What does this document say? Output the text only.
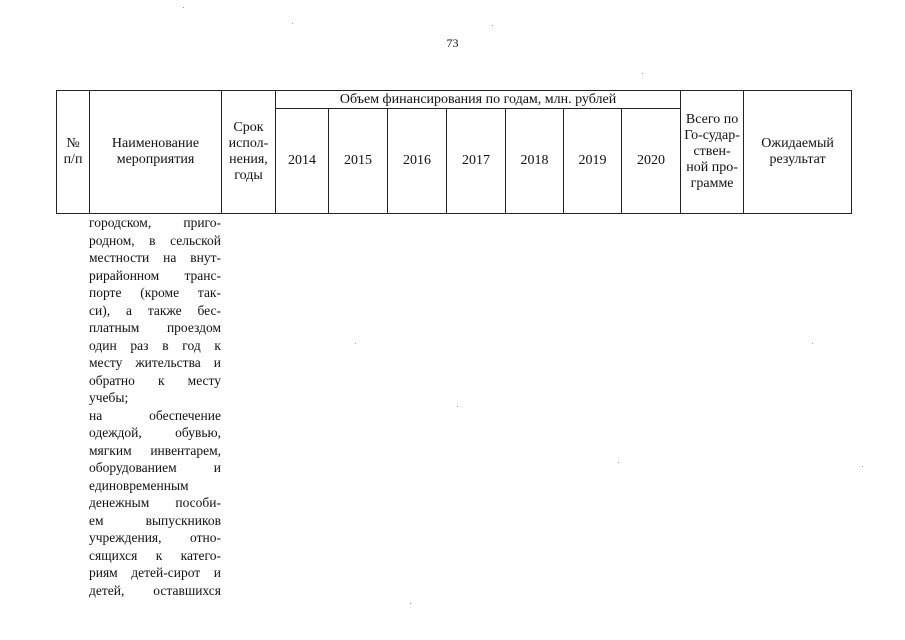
73
№ п/п	Наименование мероприятия	Срок испол-нения, годы	Объем финансирования по годам, млн. рублей							Всего по Го-судар-ствен-ной про-грамме	Ожидаемый результат

			2014	2015	2016	2017	2018	2019	2020		
городском, приго-
родном, в сельской
местности на внут-
рирайонном транс-
порте (кроме так-
си), а также бес-
платным проездом
один раз в год к
месту жительства и
обратно к месту
учебы;
на обеспечение
одеждой, обувью,
мягким инвентарем,
оборудованием и
единовременным
денежным пособи-
ем выпускников
учреждения, отно-
сящихся к катего-
риям детей-сирот и
детей, оставшихся
